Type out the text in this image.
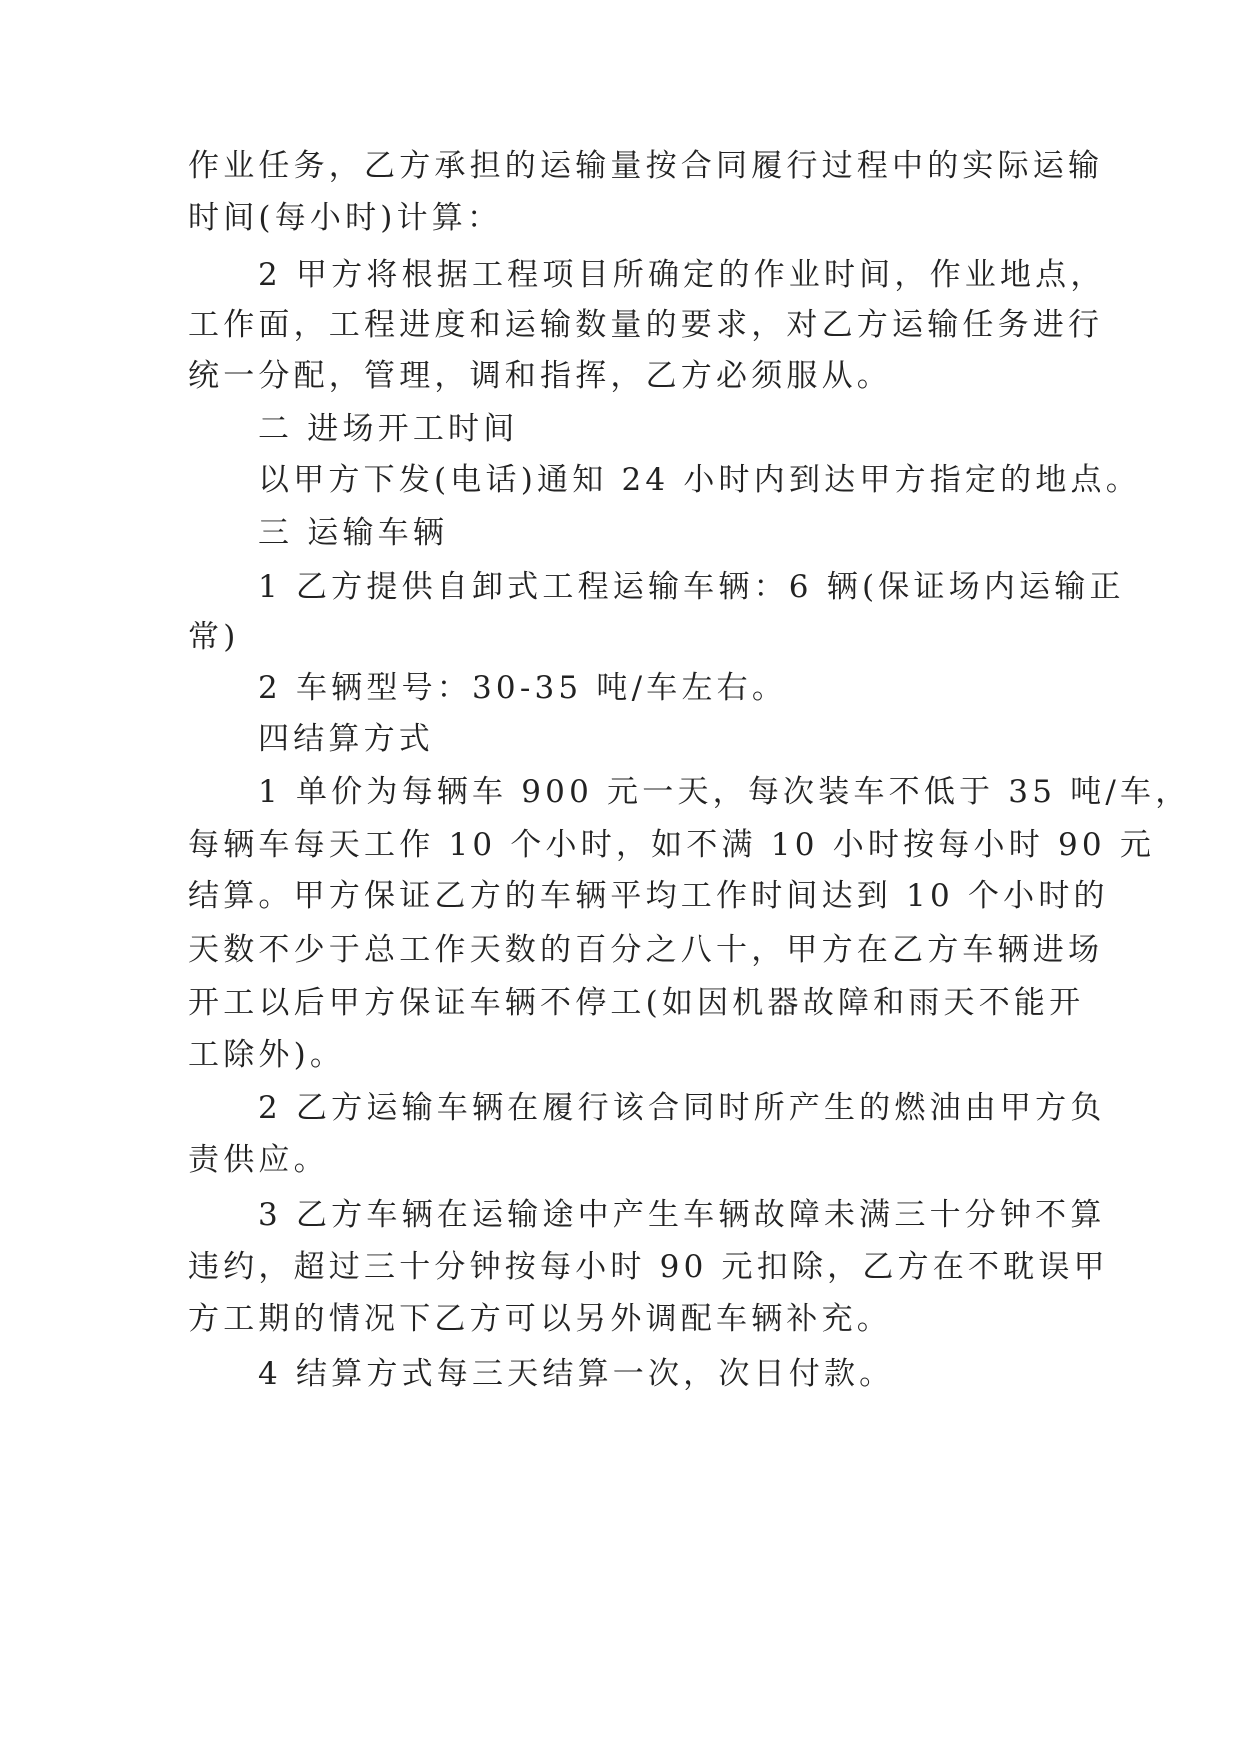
作业任务，乙方承担的运输量按合同履行过程中的实际运输
时间(每小时)计算：
2 甲方将根据工程项目所确定的作业时间，作业地点，
工作面，工程进度和运输数量的要求，对乙方运输任务进行
统一分配，管理，调和指挥，乙方必须服从。
二 进场开工时间
以甲方下发(电话)通知 24 小时内到达甲方指定的地点。
三 运输车辆
1 乙方提供自卸式工程运输车辆：6 辆(保证场内运输正
常)
2 车辆型号：30-35 吨/车左右。
四结算方式
1 单价为每辆车 900 元一天，每次装车不低于 35 吨/车，
每辆车每天工作 10 个小时，如不满 10 小时按每小时 90 元
结算。甲方保证乙方的车辆平均工作时间达到 10 个小时的
天数不少于总工作天数的百分之八十，甲方在乙方车辆进场
开工以后甲方保证车辆不停工(如因机器故障和雨天不能开
工除外)。
2 乙方运输车辆在履行该合同时所产生的燃油由甲方负
责供应。
3 乙方车辆在运输途中产生车辆故障未满三十分钟不算
违约，超过三十分钟按每小时 90 元扣除，乙方在不耽误甲
方工期的情况下乙方可以另外调配车辆补充。
4 结算方式每三天结算一次，次日付款。
